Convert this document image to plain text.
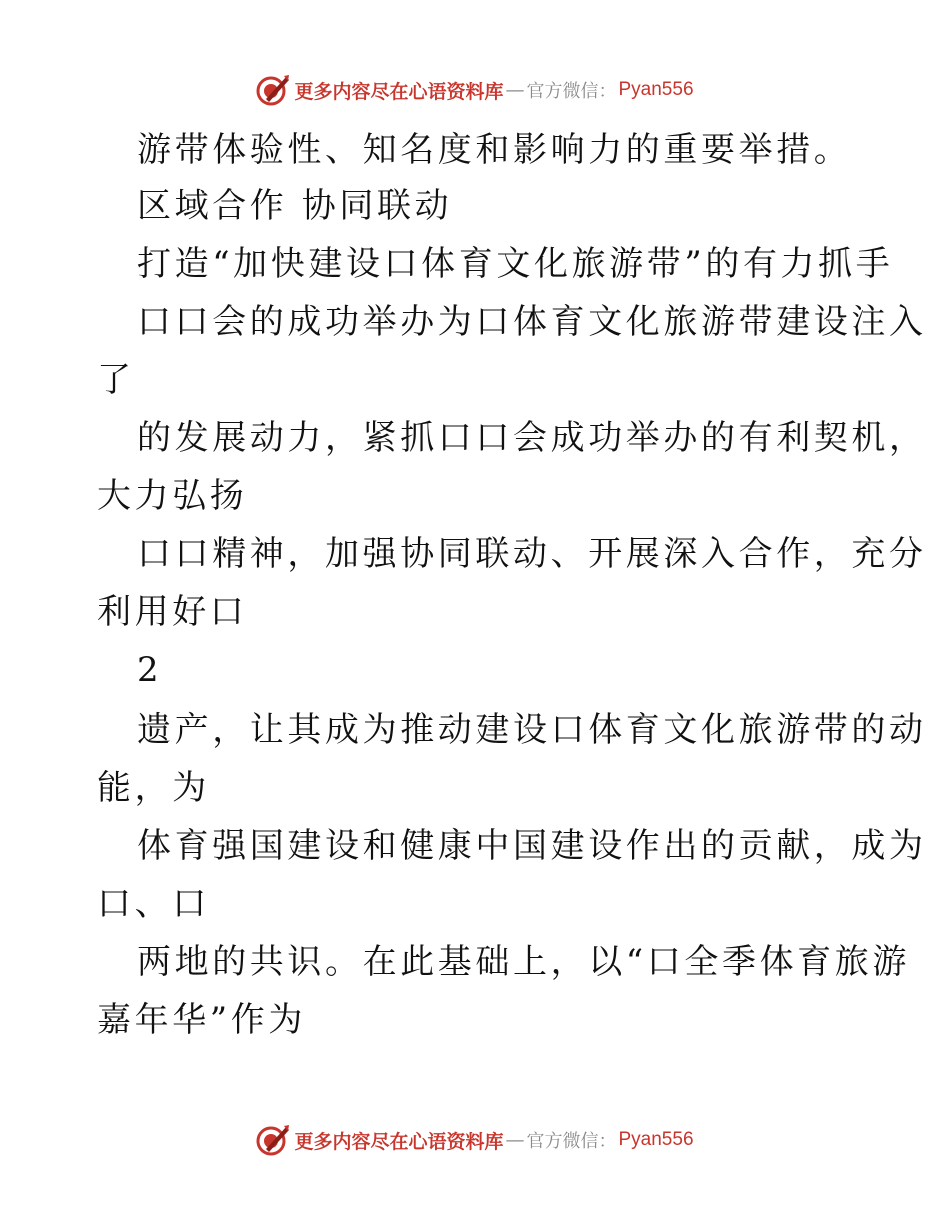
更多内容尽在心语资料库 — 官方微信： Pyan556
游带体验性、知名度和影响力的重要举措。
区域合作 协同联动
打造“加快建设口体育文化旅游带”的有力抓手
口口会的成功举办为口体育文化旅游带建设注入
了
的发展动力，紧抓口口会成功举办的有利契机，
大力弘扬
口口精神，加强协同联动、开展深入合作，充分
利用好口
2
遗产，让其成为推动建设口体育文化旅游带的动
能，为
体育强国建设和健康中国建设作出的贡献，成为
口、口
两地的共识。在此基础上，以“口全季体育旅游
嘉年华”作为
更多内容尽在心语资料库 — 官方微信： Pyan556
